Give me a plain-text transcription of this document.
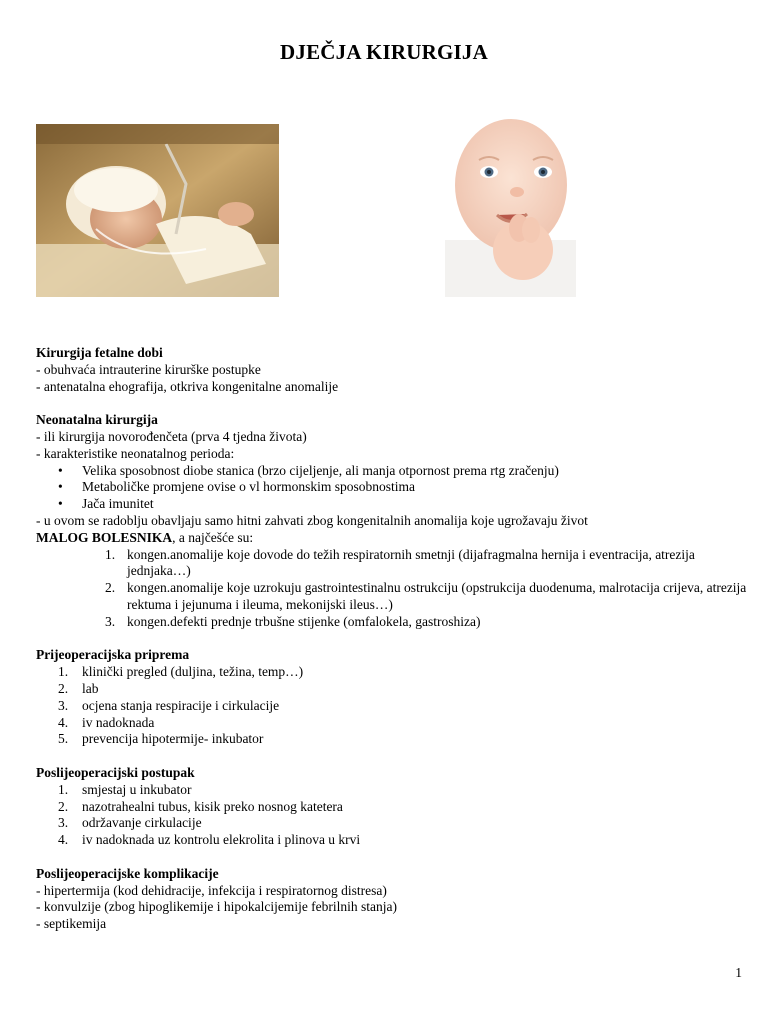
DJEČJA KIRURGIJA

Kirurgija fetalne dobi

- obuhvaća intrauterine kirurške postupke

- antenatalna ehografija, otkriva kongenitalne anomalije

Neonatalna kirurgija

- ili kirurgija novorođenčeta (prva 4 tjedna života)

- karakteristike neonatalnog perioda:

• Velika sposobnost diobe stanica (brzo cijeljenje, ali manja otpornost prema rtg zračenju)
• Metaboličke promjene ovise o vl hormonskim sposobnostima
• Jača imunitet

- u ovom se radoblju obavljaju samo hitni zahvati zbog kongenitalnih anomalija koje ugrožavaju život

MALOG BOLESNIKA, a najčešće su:

1. kongen.anomalije koje dovode do težih respiratornih smetnji (dijafragmalna hernija i eventracija, atrezija jednjaka…)
2. kongen.anomalije koje uzrokuju gastrointestinalnu ostrukciju (opstrukcija duodenuma, malrotacija crijeva, atrezija rektuma i jejunuma i ileuma, mekonijski ileus…)
3. kongen.defekti prednje trbušne stijenke (omfalokela, gastroshiza)

Prijeoperacijska priprema

1. klinički pregled (duljina, težina, temp…)
2. lab
3. ocjena stanja respiracije i cirkulacije
4. iv nadoknada
5. prevencija hipotermije- inkubator

Poslijeoperacijski postupak

1. smjestaj u inkubator
2. nazotrahealni tubus, kisik preko nosnog katetera
3. održavanje cirkulacije
4. iv nadoknada uz kontrolu elekrolita i plinova u krvi

Poslijeoperacijske komplikacije

- hipertermija (kod dehidracije, infekcija i respiratornog distresa)

- konvulzije (zbog hipoglikemije i hipokalcijemije febrilnih stanja)

- septikemija

1
